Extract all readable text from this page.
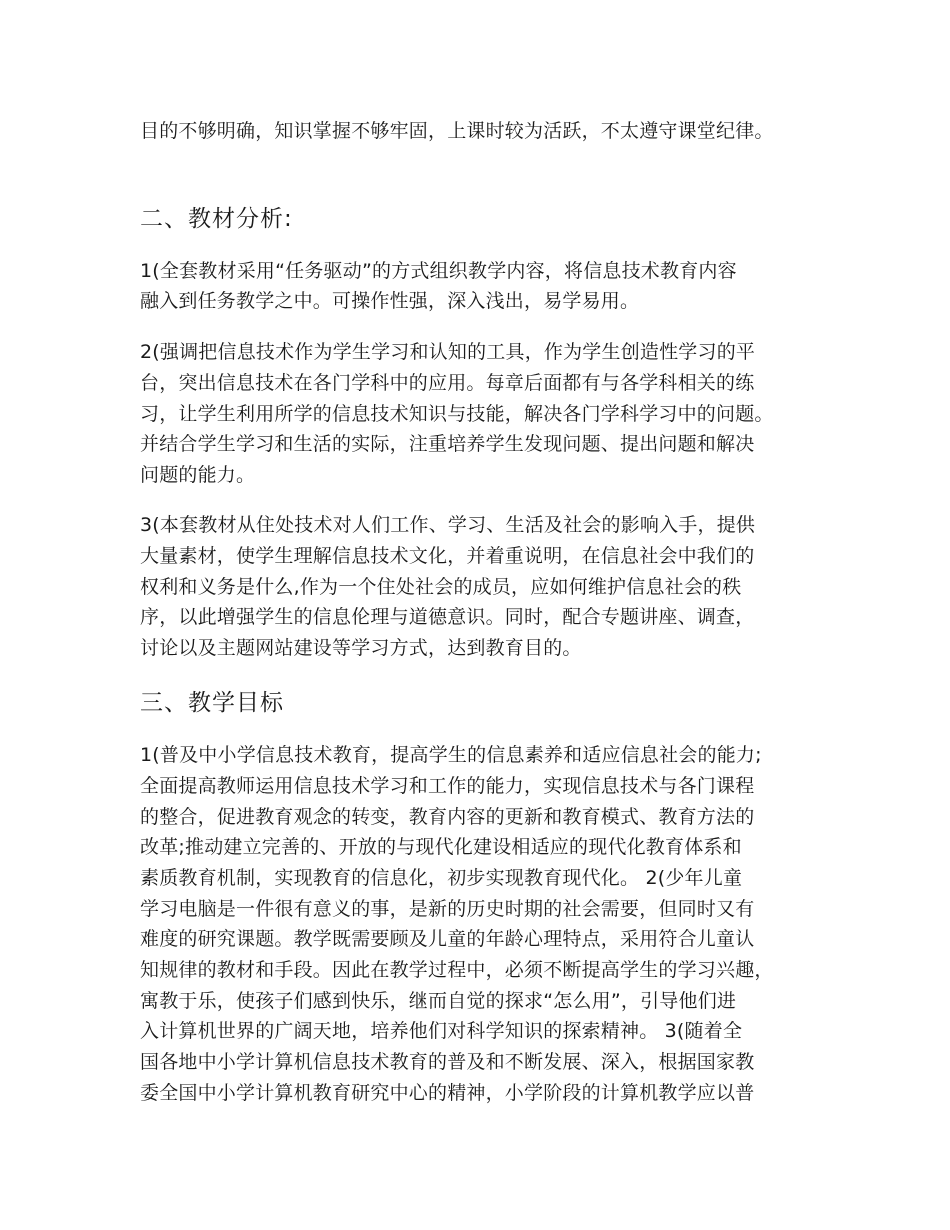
目的不够明确，知识掌握不够牢固，上课时较为活跃，不太遵守课堂纪律。
二、教材分析:
1(全套教材采用“任务驱动”的方式组织教学内容，将信息技术教育内容
融入到任务教学之中。可操作性强，深入浅出，易学易用。
2(强调把信息技术作为学生学习和认知的工具，作为学生创造性学习的平
台，突出信息技术在各门学科中的应用。每章后面都有与各学科相关的练
习，让学生利用所学的信息技术知识与技能，解决各门学科学习中的问题。
并结合学生学习和生活的实际，注重培养学生发现问题、提出问题和解决
问题的能力。
3(本套教材从住处技术对人们工作、学习、生活及社会的影响入手，提供
大量素材，使学生理解信息技术文化，并着重说明，在信息社会中我们的
权利和义务是什么,作为一个住处社会的成员，应如何维护信息社会的秩
序，以此增强学生的信息伦理与道德意识。同时，配合专题讲座、调查，
讨论以及主题网站建设等学习方式，达到教育目的。
三、教学目标
1(普及中小学信息技术教育，提高学生的信息素养和适应信息社会的能力;
全面提高教师运用信息技术学习和工作的能力，实现信息技术与各门课程
的整合，促进教育观念的转变，教育内容的更新和教育模式、教育方法的
改革;推动建立完善的、开放的与现代化建设相适应的现代化教育体系和
素质教育机制，实现教育的信息化，初步实现教育现代化。 2(少年儿童
学习电脑是一件很有意义的事，是新的历史时期的社会需要，但同时又有
难度的研究课题。教学既需要顾及儿童的年龄心理特点，采用符合儿童认
知规律的教材和手段。因此在教学过程中，必须不断提高学生的学习兴趣，
寓教于乐，使孩子们感到快乐，继而自觉的探求“怎么用”，引导他们进
入计算机世界的广阔天地，培养他们对科学知识的探索精神。 3(随着全
国各地中小学计算机信息技术教育的普及和不断发展、深入，根据国家教
委全国中小学计算机教育研究中心的精神，小学阶段的计算机教学应以普
